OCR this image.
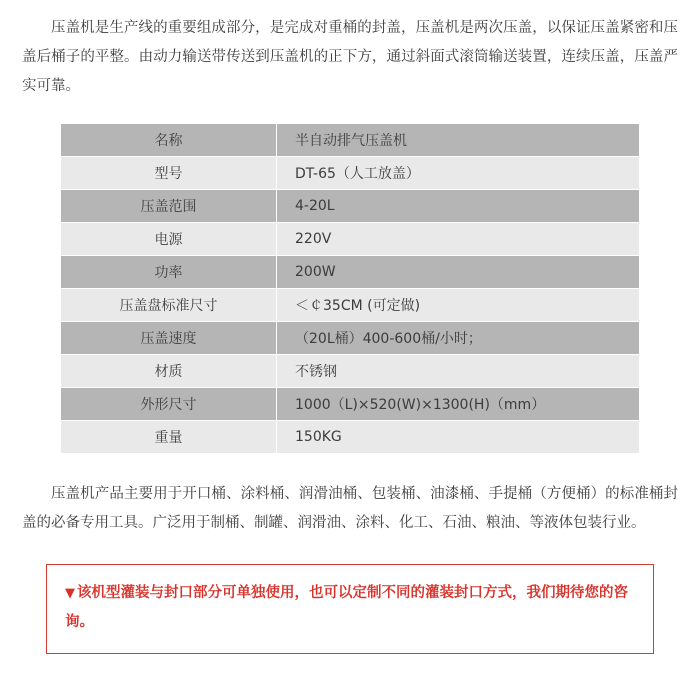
压盖机是生产线的重要组成部分，是完成对重桶的封盖，压盖机是两次压盖，以保证压盖紧密和压盖后桶子的平整。由动力输送带传送到压盖机的正下方，通过斜面式滚筒输送装置，连续压盖，压盖严实可靠。

名称	半自动排气压盖机
型号	DT-65（人工放盖）
压盖范围	4-20L
电源	220V
功率	200W
压盖盘标准尺寸	＜￠35CM (可定做)
压盖速度	（20L桶）400-600桶/小时；
材质	不锈钢
外形尺寸	1000（L)×520(W)×1300(H)（mm）
重量	150KG

压盖机产品主要用于开口桶、涂料桶、润滑油桶、包装桶、油漆桶、手提桶（方便桶）的标准桶封盖的必备专用工具。广泛用于制桶、制罐、润滑油、涂料、化工、石油、粮油、等液体包装行业。

▼ 该机型灌装与封口部分可单独使用，也可以定制不同的灌装封口方式，我们期待您的咨询。
